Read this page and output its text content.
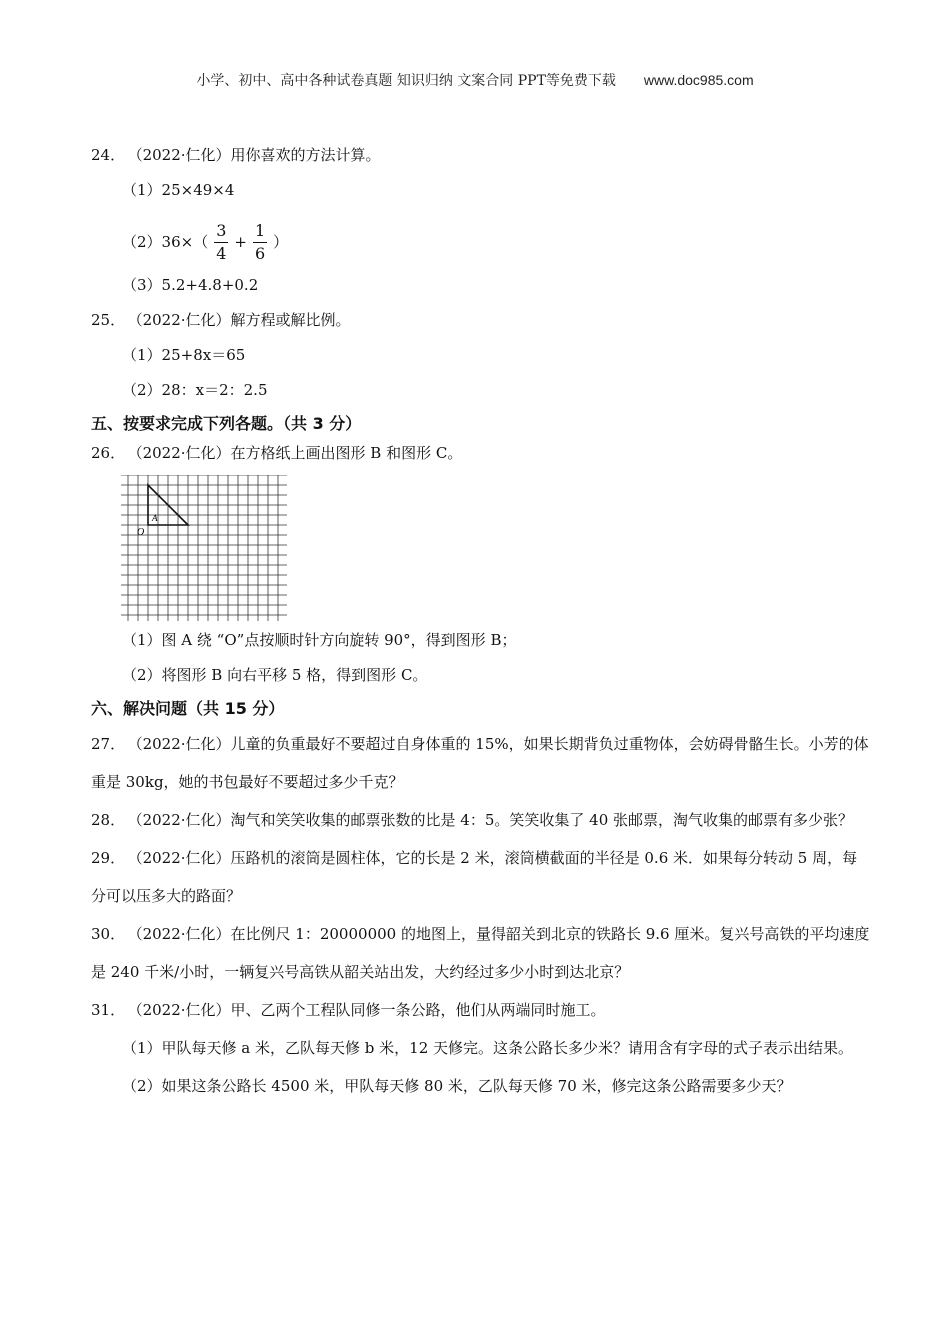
小学、初中、高中各种试卷真题 知识归纳 文案合同 PPT等免费下载 www.doc985.com
24． （2022·仁化）用你喜欢的方法计算。
（1）25×49×4
$(2)36\times( \frac{3}{4} + \frac{1}{6}$ ）
（3）5.2+4.8+0.2
25． （2022·仁化）解方程或解比例。
（1）25+8x＝65
（2）28：x＝2：2.5
五、按要求完成下列各题。（共 3 分）
26． （2022·仁化）在方格纸上画出图形 B 和图形 C。
A
O
（1）图 A 绕 “O”点按顺时针方向旋转 90°，得到图形 B；
（2）将图形 B 向右平移 5 格，得到图形 C。
六、解决问题（共 15 分）
27． （2022·仁化）儿童的负重最好不要超过自身体重的 15%，如果长期背负过重物体，会妨碍骨骼生长。小芳的体重是 30kg，她的书包最好不要超过多少千克？
28． （2022·仁化）淘气和笑笑收集的邮票张数的比是 4：5。笑笑收集了 40 张邮票，淘气收集的邮票有多少张？
29． （2022·仁化）压路机的滚筒是圆柱体，它的长是 2 米，滚筒横截面的半径是 0.6 米．如果每分转动 5 周，每分可以压多大的路面？
30． （2022·仁化）在比例尺 1：20000000 的地图上，量得韶关到北京的铁路长 9.6 厘米。复兴号高铁的平均速度是 240 千米/小时，一辆复兴号高铁从韶关站出发，大约经过多少小时到达北京？
31． （2022·仁化）甲、乙两个工程队同修一条公路，他们从两端同时施工。
（1）甲队每天修 a 米，乙队每天修 b 米，12 天修完。这条公路长多少米？请用含有字母的式子表示出结果。
（2）如果这条公路长 4500 米，甲队每天修 80 米，乙队每天修 70 米，修完这条公路需要多少天？
